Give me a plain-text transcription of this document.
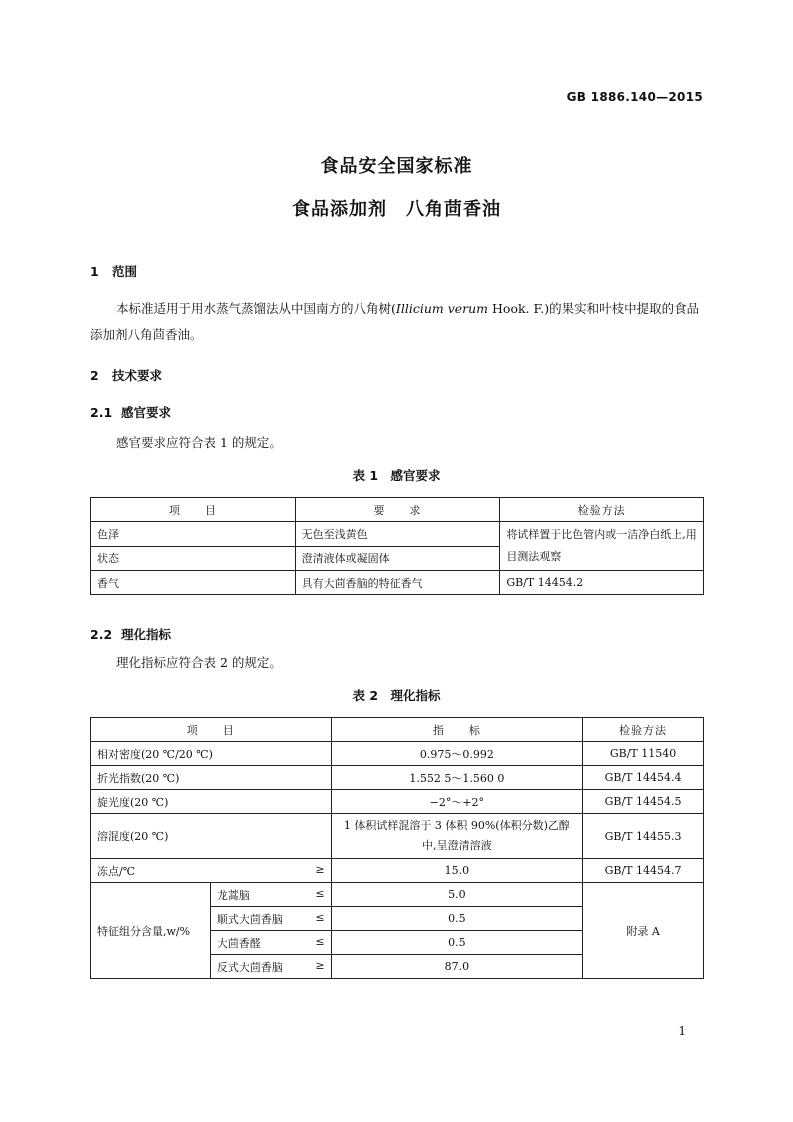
GB 1886.140—2015
食品安全国家标准
食品添加剂　八角茴香油
1 范围
本标准适用于用水蒸气蒸馏法从中国南方的八角树(Illicium verum Hook. F.)的果实和叶枝中提取的食品添加剂八角茴香油。
2 技术要求
2.1 感官要求
感官要求应符合表 1 的规定。
表 1　感官要求
项　　目	要　　求	检验方法
色泽	无色至浅黄色	将试样置于比色管内或一洁净白纸上,用目测法观察
状态	澄清液体或凝固体	
香气	具有大茴香脑的特征香气	GB/T 14454.2
2.2 理化指标
理化指标应符合表 2 的规定。
表 2　理化指标
项　　目		指　　标	检验方法
相对密度(20 ℃/20 ℃)		0.975～0.992	GB/T 11540
折光指数(20 ℃)		1.552 5～1.560 0	GB/T 14454.4
旋光度(20 ℃)		−2°～+2°	GB/T 14454.5
溶混度(20 ℃)		1 体积试样混溶于 3 体积 90%(体积分数)乙醇中,呈澄清溶液	GB/T 14455.3
冻点/℃ ≥		15.0	GB/T 14454.7
特征组分含量,w/%	龙蒿脑 ≤	5.0	附录 A
	顺式大茴香脑 ≤	0.5	
	大茴香醛 ≤	0.5	
	反式大茴香脑 ≥	87.0	
1
